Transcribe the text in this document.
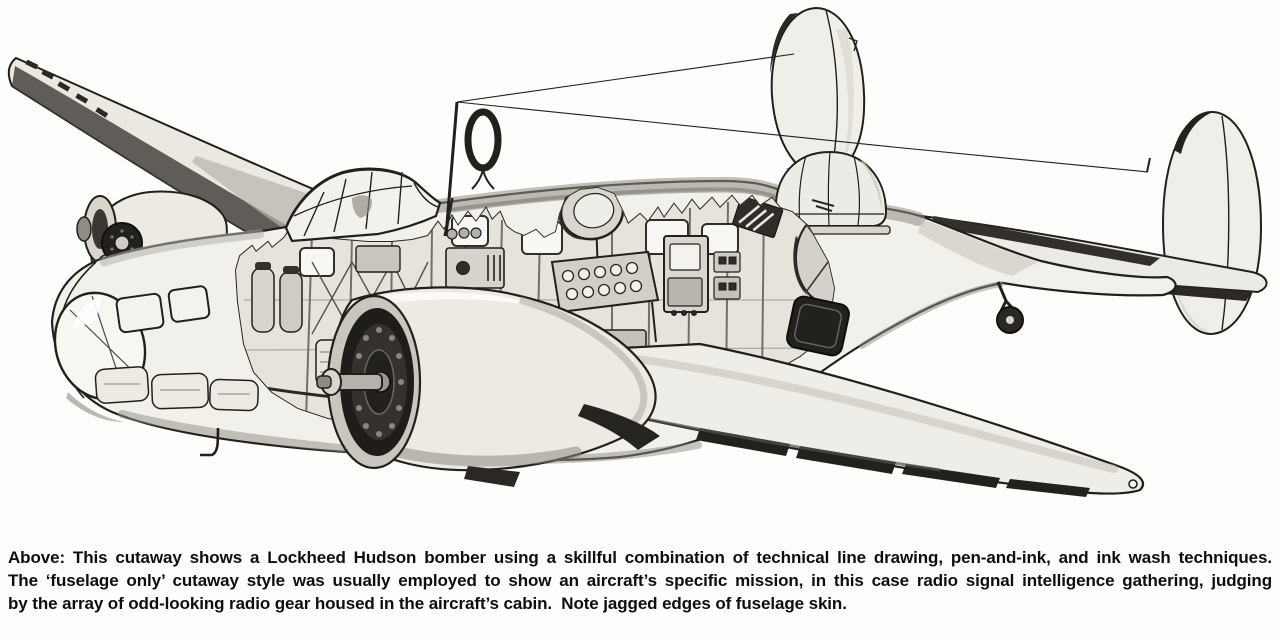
Above: This cutaway shows a Lockheed Hudson bomber using a skillful combination of technical line drawing, pen-and-ink, and ink wash techniques.
The ‘fuselage only’ cutaway style was usually employed to show an aircraft’s specific mission, in this case radio signal intelligence gathering, judging
by the array of odd-looking radio gear housed in the aircraft’s cabin.  Note jagged edges of fuselage skin.
